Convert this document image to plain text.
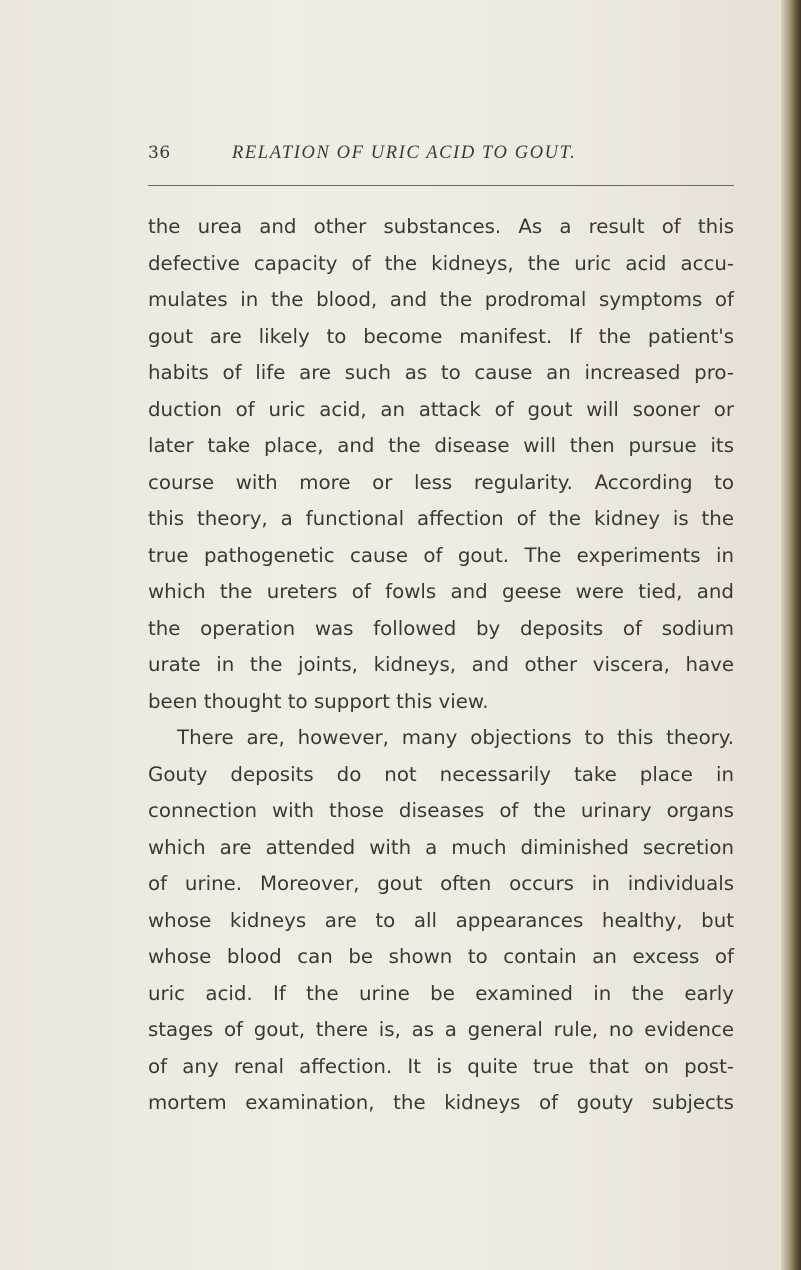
36	RELATION OF URIC ACID TO GOUT.
the urea and other substances. As a result of this
defective capacity of the kidneys, the uric acid accu-
mulates in the blood, and the prodromal symptoms of
gout are likely to become manifest. If the patient's
habits of life are such as to cause an increased pro-
duction of uric acid, an attack of gout will sooner or
later take place, and the disease will then pursue its
course with more or less regularity. According to
this theory, a functional affection of the kidney is the
true pathogenetic cause of gout. The experiments in
which the ureters of fowls and geese were tied, and
the operation was followed by deposits of sodium
urate in the joints, kidneys, and other viscera, have
been thought to support this view.
There are, however, many objections to this theory.
Gouty deposits do not necessarily take place in
connection with those diseases of the urinary organs
which are attended with a much diminished secretion
of urine. Moreover, gout often occurs in individuals
whose kidneys are to all appearances healthy, but
whose blood can be shown to contain an excess of
uric acid. If the urine be examined in the early
stages of gout, there is, as a general rule, no evidence
of any renal affection. It is quite true that on post-
mortem examination, the kidneys of gouty subjects
